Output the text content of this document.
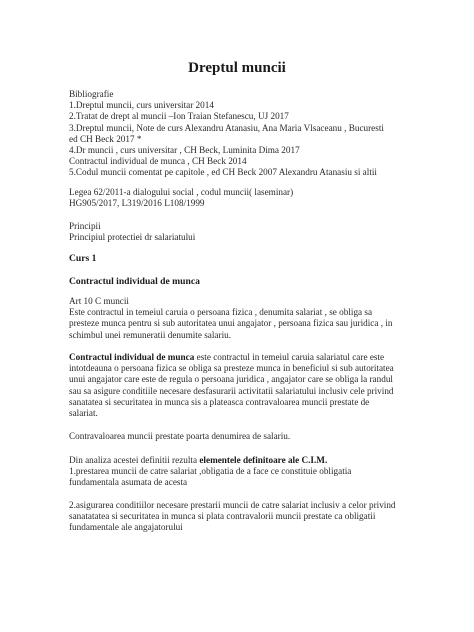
Dreptul muncii
Bibliografie
1.Dreptul muncii, curs universitar 2014
2.Tratat de drept al muncii –Ion Traian Stefanescu, UJ 2017
3.Dreptul muncii, Note de curs Alexandru Atanasiu, Ana Maria Vlsaceanu , Bucuresti
ed CH Beck 2017 *
4.Dr muncii , curs universitar , CH Beck, Luminita Dima 2017
Contractul individual de munca , CH Beck 2014
5.Codul muncii comentat pe capitole , ed CH Beck 2007 Alexandru Atanasiu si altii
Legea 62/2011-a dialogului social , codul muncii( laseminar)
HG905/2017, L319/2016 L108/1999
Principii
Principiul protectiei dr salariatului
Curs 1
Contractul individual de munca
Art 10 C muncii
Este contractul in temeiul caruia o persoana fizica , denumita salariat , se obliga sa
presteze munca pentru si sub autoritatea unui angajator , persoana fizica sau juridica , in
schimbul unei remuneratii denumite salariu.
Contractul individual de munca este contractul in temeiul caruia salariatul care este
intotdeauna o persoana fizica se obliga sa presteze munca in beneficiul si sub autoritatea
unui angajator care este de regula o persoana juridica , angajator care se obliga la randul
sau sa asigure conditiile necesare desfasurarii activitatii salariatului inclusiv cele privind
sanatatea si securitatea in munca sis a plateasca contravaloarea muncii prestate de
salariat.
Contravaloarea muncii prestate poarta denumirea de salariu.
Din analiza acestei definitii rezulta elementele definitoare ale C.I.M.
1.prestarea muncii de catre salariat ,obligatia de a face ce constituie obligatia
fundamentala asumata de acesta
2.asigurarea conditiilor necesare prestarii muncii de catre salariat inclusiv a celor privind
sanatatatea si securitatea in munca si plata contravalorii muncii prestate ca obligatii
fundamentale ale angajatorului
